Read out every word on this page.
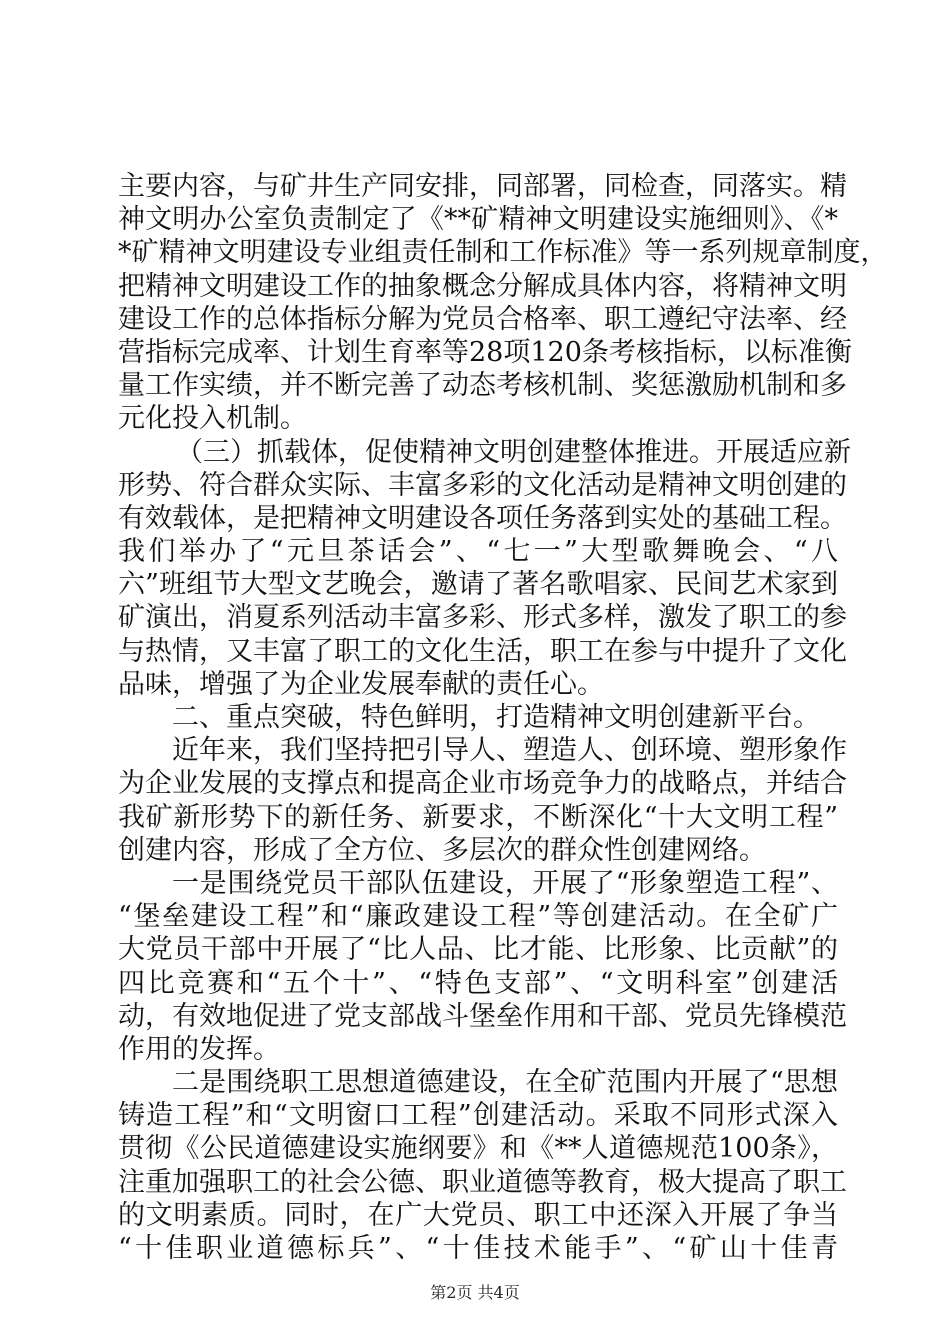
主要内容，与矿井生产同安排，同部署，同检查，同落实。精
神文明办公室负责制定了《**矿精神文明建设实施细则》、《*
*矿精神文明建设专业组责任制和工作标准》等一系列规章制度，
把精神文明建设工作的抽象概念分解成具体内容，将精神文明
建设工作的总体指标分解为党员合格率、职工遵纪守法率、经
营指标完成率、计划生育率等28项120条考核指标，以标准衡
量工作实绩，并不断完善了动态考核机制、奖惩激励机制和多
元化投入机制。
（三）抓载体，促使精神文明创建整体推进。开展适应新
形势、符合群众实际、丰富多彩的文化活动是精神文明创建的
有效载体，是把精神文明建设各项任务落到实处的基础工程。
我们举办了“元旦茶话会”、“七一”大型歌舞晚会、“八
六”班组节大型文艺晚会，邀请了著名歌唱家、民间艺术家到
矿演出，消夏系列活动丰富多彩、形式多样，激发了职工的参
与热情，又丰富了职工的文化生活，职工在参与中提升了文化
品味，增强了为企业发展奉献的责任心。
二、重点突破，特色鲜明，打造精神文明创建新平台。
近年来，我们坚持把引导人、塑造人、创环境、塑形象作
为企业发展的支撑点和提高企业市场竞争力的战略点，并结合
我矿新形势下的新任务、新要求，不断深化“十大文明工程”
创建内容，形成了全方位、多层次的群众性创建网络。
一是围绕党员干部队伍建设，开展了“形象塑造工程”、
“堡垒建设工程”和“廉政建设工程”等创建活动。在全矿广
大党员干部中开展了“比人品、比才能、比形象、比贡献”的
四比竞赛和“五个十”、“特色支部”、“文明科室”创建活
动，有效地促进了党支部战斗堡垒作用和干部、党员先锋模范
作用的发挥。
二是围绕职工思想道德建设，在全矿范围内开展了“思想
铸造工程”和“文明窗口工程”创建活动。采取不同形式深入
贯彻《公民道德建设实施纲要》和《**人道德规范100条》，
注重加强职工的社会公德、职业道德等教育，极大提高了职工
的文明素质。同时，在广大党员、职工中还深入开展了争当
“十佳职业道德标兵”、“十佳技术能手”、“矿山十佳青
第2页 共4页
